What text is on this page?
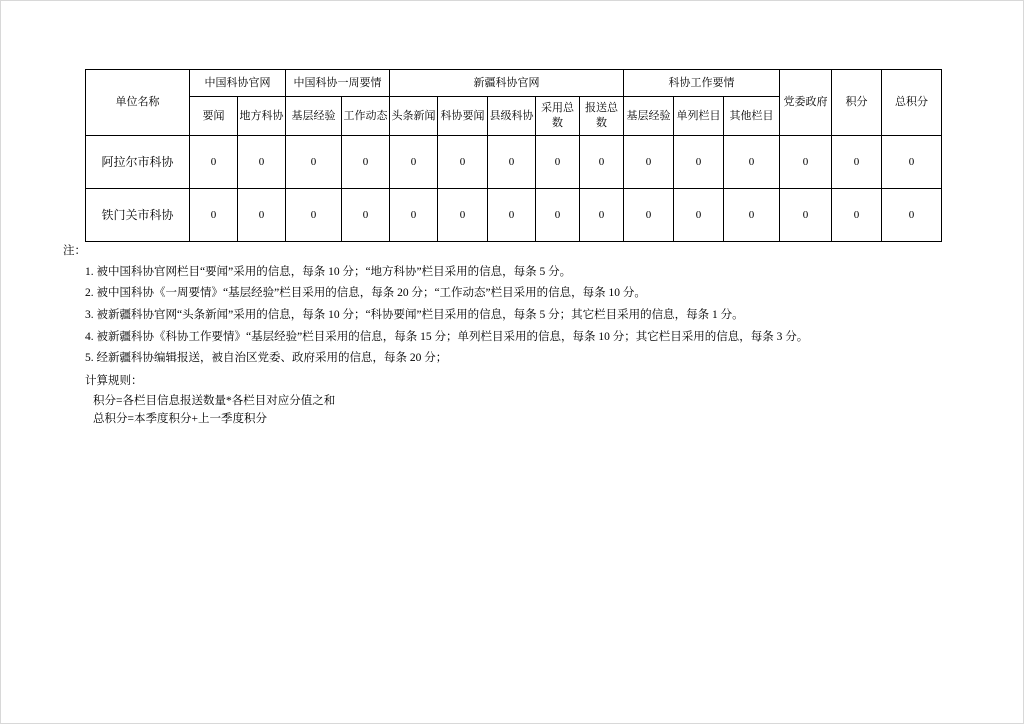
单位名称	中国科协官网		中国科协一周要情		新疆科协官网					科协工作要情			党委政府	积分	总积分
	要闻	地方科协	基层经验	工作动态	头条新闻	科协要闻	县级科协	采用总数	报送总数	基层经验	单列栏目	其他栏目			
阿拉尔市科协	0	0	0	0	0	0	0	0	0	0	0	0	0	0	0
铁门关市科协	0	0	0	0	0	0	0	0	0	0	0	0	0	0	0

注：

1. 被中国科协官网栏目“要闻”采用的信息，每条 10 分；“地方科协”栏目采用的信息，每条 5 分。

2. 被中国科协《一周要情》“基层经验”栏目采用的信息，每条 20 分；“工作动态”栏目采用的信息，每条 10 分。

3. 被新疆科协官网“头条新闻”采用的信息，每条 10 分；“科协要闻”栏目采用的信息，每条 5 分；其它栏目采用的信息，每条 1 分。

4. 被新疆科协《科协工作要情》“基层经验”栏目采用的信息，每条 15 分；单列栏目采用的信息，每条 10 分；其它栏目采用的信息，每条 3 分。

5. 经新疆科协编辑报送，被自治区党委、政府采用的信息，每条 20 分；

计算规则：

积分=各栏目信息报送数量*各栏目对应分值之和

总积分=本季度积分+上一季度积分
